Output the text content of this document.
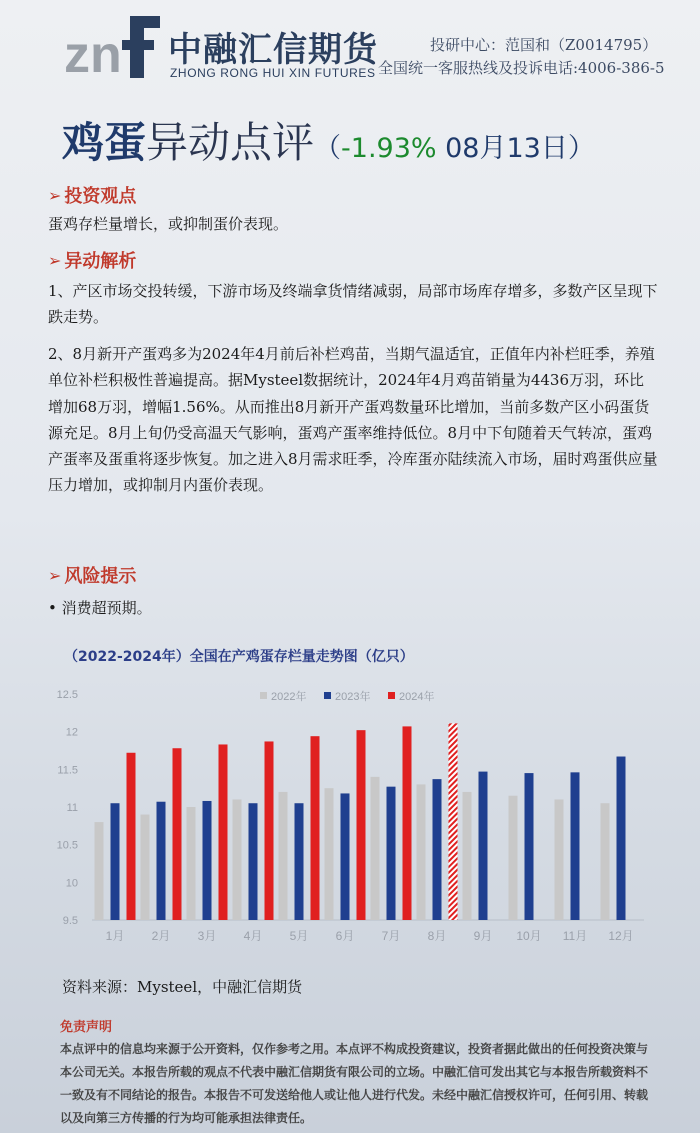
zn 中融汇信期货
ZHONG RONG HUI XIN FUTURES
投研中心：范国和（Z0014795）
全国统一客服热线及投诉电话:4006-386-5
鸡蛋异动点评（-1.93% 08月13日）
➢ 投资观点
蛋鸡存栏量增长，或抑制蛋价表现。
➢ 异动解析
1、产区市场交投转缓，下游市场及终端拿货情绪减弱，局部市场库存增多，多数产区呈现下跌走势。
2、8月新开产蛋鸡多为2024年4月前后补栏鸡苗，当期气温适宜，正值年内补栏旺季，养殖单位补栏积极性普遍提高。据Mysteel数据统计，2024年4月鸡苗销量为4436万羽，环比增加68万羽，增幅1.56%。从而推出8月新开产蛋鸡数量环比增加，当前多数产区小码蛋货源充足。8月上旬仍受高温天气影响，蛋鸡产蛋率维持低位。8月中下旬随着天气转凉，蛋鸡产蛋率及蛋重将逐步恢复。加之进入8月需求旺季，冷库蛋亦陆续流入市场，届时鸡蛋供应量压力增加，或抑制月内蛋价表现。
➢ 风险提示
• 消费超预期。
（2022-2024年）全国在产鸡蛋存栏量走势图（亿只）
9.5
10
10.5
11
11.5
12
12.5
1月 2月 3月 4月 5月 6月 7月 8月 9月 10月 11月 12月
2022年	2023年	2024年
资料来源：Mysteel，中融汇信期货
免责声明
本点评中的信息均来源于公开资料，仅作参考之用。本点评不构成投资建议，投资者据此做出的任何投资决策与本公司无关。本报告所载的观点不代表中融汇信期货有限公司的立场。中融汇信可发出其它与本报告所载资料不一致及有不同结论的报告。本报告不可发送给他人或让他人进行代发。未经中融汇信授权许可，任何引用、转载以及向第三方传播的行为均可能承担法律责任。
